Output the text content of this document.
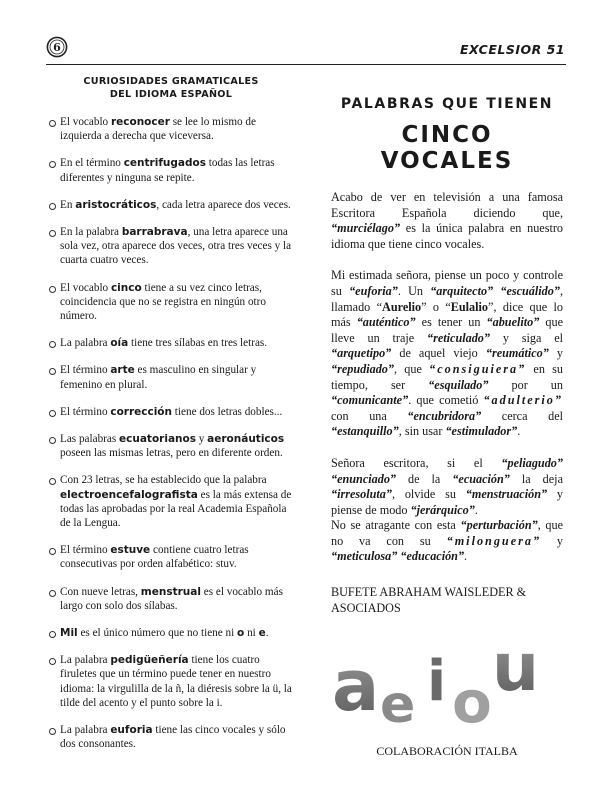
6	EXCELSIOR 51
CURIOSIDADES GRAMATICALES
DEL IDIOMA ESPAÑOL
El vocablo reconocer se lee lo mismo de izquierda a derecha que viceversa.
En el término centrifugados todas las letras diferentes y ninguna se repite.
En aristocráticos, cada letra aparece dos veces.
En la palabra barrabrava, una letra aparece una sola vez, otra aparece dos veces, otra tres veces y la cuarta cuatro veces.
El vocablo cinco tiene a su vez cinco letras, coincidencia que no se registra en ningún otro número.
La palabra oía tiene tres sílabas en tres letras.
El término arte es masculino en singular y femenino en plural.
El término corrección tiene dos letras dobles...
Las palabras ecuatorianos y aeronáuticos poseen las mismas letras, pero en diferente orden.
Con 23 letras, se ha establecido que la palabra electroencefalografista es la más extensa de todas las aprobadas por la real Academia Española de la Lengua.
El término estuve contiene cuatro letras consecutivas por orden alfabético: stuv.
Con nueve letras, menstrual es el vocablo más largo con solo dos sílabas.
Mil es el único número que no tiene ni o ni e.
La palabra pedigüeñería tiene los cuatro firuletes que un término puede tener en nuestro idioma: la virgulilla de la ñ, la diéresis sobre la ü, la tilde del acento y el punto sobre la i.
La palabra euforia tiene las cinco vocales y sólo dos consonantes.
PALABRAS QUE TIENEN
CINCO VOCALES

Acabo de ver en televisión a una famosa Escritora Española diciendo que, “murciélago” es la única palabra en nuestro idioma que tiene cinco vocales.

Mi estimada señora, piense un poco y controle su “euforia”. Un “arquitecto” “escuálido”, llamado “Aurelio” o “Eulalio”, dice que lo más “auténtico” es tener un “abuelito” que lleve un traje “reticulado” y siga el “arquetipo” de aquel viejo “reumático” y “repudiado”, que “consiguiera” en su tiempo, ser “esquilado” por un “comunicante”. que cometió “adulterio” con una “encubridora” cerca del “estanquillo”, sin usar “estimulador”.

Señora escritora, si el “peliagudo” “enunciado” de la “ecuación” la deja “irresoluta”, olvide su “menstruación” y piense de modo “jerárquico”.

No se atragante con esta “perturbación”, que no va con su “milonguera” y “meticulosa” “educación”.

BUFETE ABRAHAM WAISLEDER & ASOCIADOS
a e i o u
COLABORACIÓN ITALBA
